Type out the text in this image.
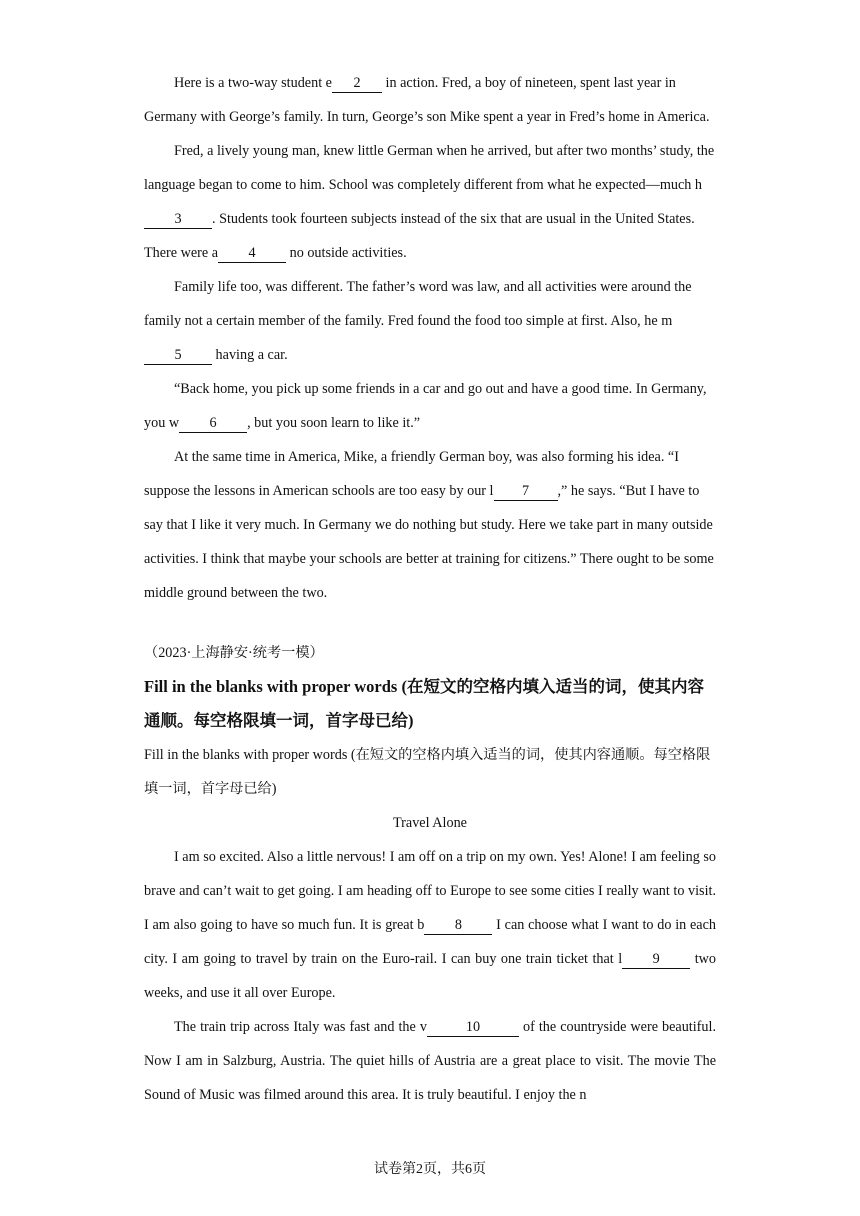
Here is a two-way student e 2 in action. Fred, a boy of nineteen, spent last year in Germany with George’s family. In turn, George’s son Mike spent a year in Fred’s home in America.

Fred, a lively young man, knew little German when he arrived, but after two months’ study, the language began to come to him. School was completely different from what he expected—much h3 . Students took fourteen subjects instead of the six that are usual in the United States. There were a 4 no outside activities.

Family life too, was different. The father’s word was law, and all activities were around the family not a certain member of the family. Fred found the food too simple at first. Also, he m5 having a car.

“Back home, you pick up some friends in a car and go out and have a good time. In Germany, you w 6 , but you soon learn to like it.”

At the same time in America, Mike, a friendly German boy, was also forming his idea. “I suppose the lessons in American schools are too easy by our l 7 ,” he says. “But I have to say that I like it very much. In Germany we do nothing but study. Here we take part in many outside activities. I think that maybe your schools are better at training for citizens.” There ought to be some middle ground between the two.

（2023·上海静安·统考一模）

Fill in the blanks with proper words (在短文的空格内填入适当的词，使其内容通顺。每空格限填一词，首字母已给)

Fill in the blanks with proper words (在短文的空格内填入适当的词，使其内容通顺。每空格限填一词，首字母已给)

Travel Alone

I am so excited. Also a little nervous! I am off on a trip on my own. Yes! Alone! I am feeling so brave and can’t wait to get going. I am heading off to Europe to see some cities I really want to visit. I am also going to have so much fun. It is great b 8 I can choose what I want to do in each city. I am going to travel by train on the Euro-rail. I can buy one train ticket that l 9 two weeks, and use it all over Europe.

The train trip across Italy was fast and the v	10	of the countryside were beautiful. Now I am in Salzburg, Austria. The quiet hills of Austria are a great place to visit. The movie The Sound of Music was filmed around this area. It is truly beautiful. I enjoy the n

试卷第2页，共6页
